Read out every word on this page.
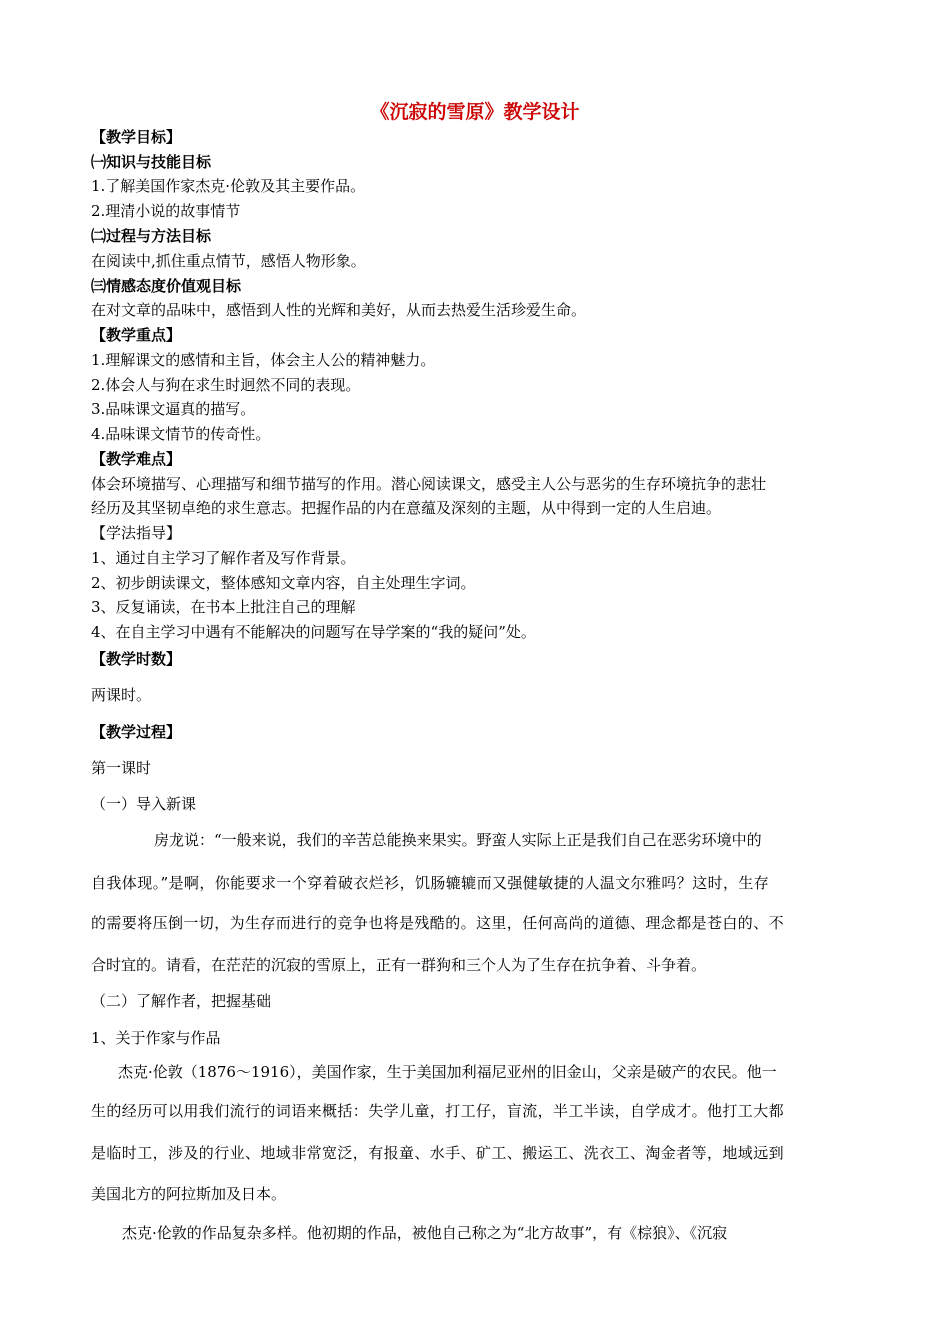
《沉寂的雪原》教学设计
【教学目标】
㈠知识与技能目标
1.了解美国作家杰克·伦敦及其主要作品。
2.理清小说的故事情节
㈡过程与方法目标
在阅读中,抓住重点情节，感悟人物形象。
㈢情感态度价值观目标
在对文章的品味中，感悟到人性的光辉和美好，从而去热爱生活珍爱生命。
【教学重点】
1.理解课文的感情和主旨，体会主人公的精神魅力。
2.体会人与狗在求生时迥然不同的表现。
3.品味课文逼真的描写。
4.品味课文情节的传奇性。
【教学难点】
体会环境描写、心理描写和细节描写的作用。潜心阅读课文，感受主人公与恶劣的生存环境抗争的悲壮
经历及其坚韧卓绝的求生意志。把握作品的内在意蕴及深刻的主题，从中得到一定的人生启迪。
【学法指导】
1、通过自主学习了解作者及写作背景。
2、初步朗读课文，整体感知文章内容，自主处理生字词。
3、反复诵读，在书本上批注自己的理解
4、在自主学习中遇有不能解决的问题写在导学案的“我的疑问”处。
【教学时数】
两课时。
【教学过程】
第一课时
（一）导入新课
房龙说：“一般来说，我们的辛苦总能换来果实。野蛮人实际上正是我们自己在恶劣环境中的
自我体现。”是啊，你能要求一个穿着破衣烂衫，饥肠辘辘而又强健敏捷的人温文尔雅吗？这时，生存
的需要将压倒一切，为生存而进行的竞争也将是残酷的。这里，任何高尚的道德、理念都是苍白的、不
合时宜的。请看，在茫茫的沉寂的雪原上，正有一群狗和三个人为了生存在抗争着、斗争着。
（二）了解作者，把握基础
1、关于作家与作品
杰克·伦敦（1876～1916），美国作家，生于美国加利福尼亚州的旧金山，父亲是破产的农民。他一
生的经历可以用我们流行的词语来概括：失学儿童，打工仔，盲流，半工半读，自学成才。他打工大都
是临时工，涉及的行业、地域非常宽泛，有报童、水手、矿工、搬运工、洗衣工、淘金者等，地域远到
美国北方的阿拉斯加及日本。
杰克·伦敦的作品复杂多样。他初期的作品，被他自己称之为“北方故事”，有《棕狼》、《沉寂
